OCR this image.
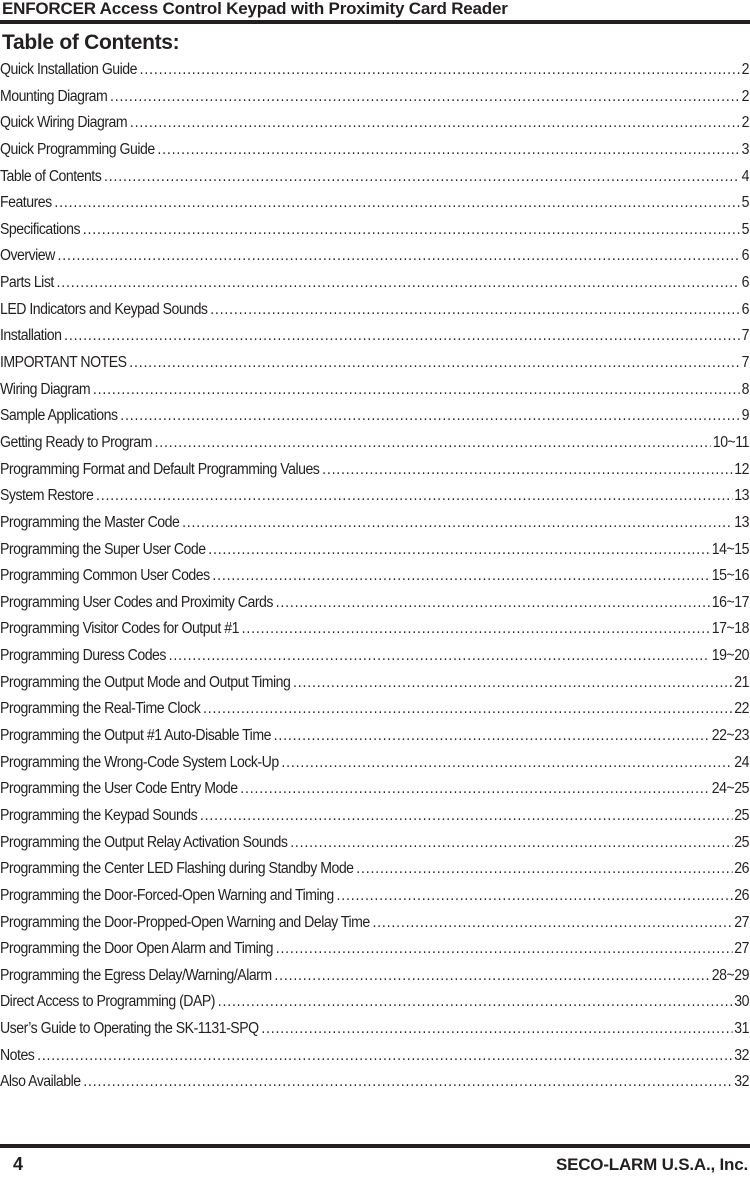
ENFORCER Access Control Keypad with Proximity Card Reader
Table of Contents:
Quick Installation Guide .....	2
Mounting Diagram .....	2
Quick Wiring Diagram .....	2
Quick Programming Guide .....	3
Table of Contents .....	4
Features .....	5
Specifications .....	5
Overview .....	6
Parts List .....	6
LED Indicators and Keypad Sounds .....	6
Installation .....	7
IMPORTANT NOTES .....	7
Wiring Diagram .....	8
Sample Applications .....	9
Getting Ready to Program .....	10~11
Programming Format and Default Programming Values .....	12
System Restore .....	13
Programming the Master Code .....	13
Programming the Super User Code .....	14~15
Programming Common User Codes .....	15~16
Programming User Codes and Proximity Cards .....	16~17
Programming Visitor Codes for Output #1 .....	17~18
Programming Duress Codes .....	19~20
Programming the Output Mode and Output Timing .....	21
Programming the Real-Time Clock .....	22
Programming the Output #1 Auto-Disable Time .....	22~23
Programming the Wrong-Code System Lock-Up .....	24
Programming the User Code Entry Mode .....	24~25
Programming the Keypad Sounds .....	25
Programming the Output Relay Activation Sounds .....	25
Programming the Center LED Flashing during Standby Mode .....	26
Programming the Door-Forced-Open Warning and Timing .....	26
Programming the Door-Propped-Open Warning and Delay Time .....	27
Programming the Door Open Alarm and Timing .....	27
Programming the Egress Delay/Warning/Alarm .....	28~29
Direct Access to Programming (DAP) .....	30
User’s Guide to Operating the SK-1131-SPQ .....	31
Notes .....	32
Also Available .....	32
4	SECO-LARM U.S.A., Inc.
